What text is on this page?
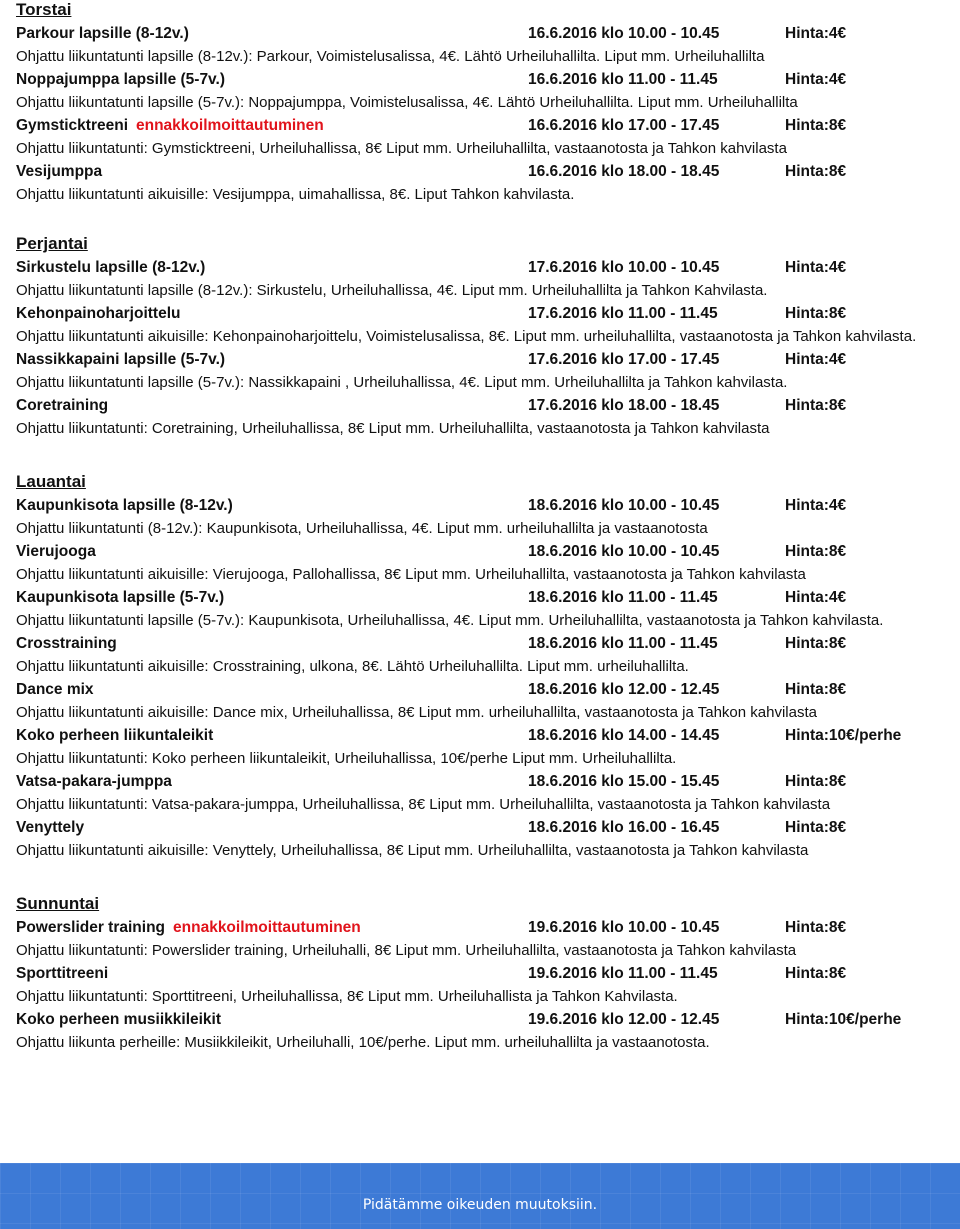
Torstai
Parkour lapsille (8-12v.)	16.6.2016 klo 10.00 - 10.45	Hinta:4€
Ohjattu liikuntatunti lapsille (8-12v.): Parkour, Voimistelusalissa, 4€. Lähtö Urheiluhallilta. Liput mm. Urheiluhallilta
Noppajumppa lapsille (5-7v.)	16.6.2016 klo 11.00 - 11.45	Hinta:4€
Ohjattu liikuntatunti lapsille (5-7v.): Noppajumppa, Voimistelusalissa, 4€. Lähtö Urheiluhallilta. Liput mm. Urheiluhallilta
Gymsticktreeni ennakkoilmoittautuminen	16.6.2016 klo 17.00 - 17.45	Hinta:8€
Ohjattu liikuntatunti: Gymsticktreeni, Urheiluhallissa, 8€ Liput mm. Urheiluhallilta, vastaanotosta ja Tahkon kahvilasta
Vesijumppa	16.6.2016 klo 18.00 - 18.45	Hinta:8€
Ohjattu liikuntatunti aikuisille: Vesijumppa, uimahallissa, 8€. Liput Tahkon kahvilasta.
Perjantai
Sirkustelu lapsille (8-12v.)	17.6.2016 klo 10.00 - 10.45	Hinta:4€
Ohjattu liikuntatunti lapsille (8-12v.): Sirkustelu, Urheiluhallissa, 4€. Liput mm. Urheiluhallilta ja Tahkon Kahvilasta.
Kehonpainoharjoittelu	17.6.2016 klo 11.00 - 11.45	Hinta:8€
Ohjattu liikuntatunti aikuisille: Kehonpainoharjoittelu, Voimistelusalissa, 8€. Liput mm. urheiluhallilta, vastaanotosta ja Tahkon kahvilasta.
Nassikkapaini lapsille (5-7v.)	17.6.2016 klo 17.00 - 17.45	Hinta:4€
Ohjattu liikuntatunti lapsille (5-7v.): Nassikkapaini , Urheiluhallissa, 4€. Liput mm. Urheiluhallilta ja Tahkon kahvilasta.
Coretraining	17.6.2016 klo 18.00 - 18.45	Hinta:8€
Ohjattu liikuntatunti: Coretraining, Urheiluhallissa, 8€ Liput mm. Urheiluhallilta, vastaanotosta ja Tahkon kahvilasta
Lauantai
Kaupunkisota lapsille (8-12v.)	18.6.2016 klo 10.00 - 10.45	Hinta:4€
Ohjattu liikuntatunti (8-12v.): Kaupunkisota, Urheiluhallissa, 4€. Liput mm. urheiluhallilta ja vastaanotosta
Vierujooga	18.6.2016 klo 10.00 - 10.45	Hinta:8€
Ohjattu liikuntatunti aikuisille: Vierujooga, Pallohallissa, 8€ Liput mm. Urheiluhallilta, vastaanotosta ja Tahkon kahvilasta
Kaupunkisota lapsille (5-7v.)	18.6.2016 klo 11.00 - 11.45	Hinta:4€
Ohjattu liikuntatunti lapsille (5-7v.): Kaupunkisota, Urheiluhallissa, 4€. Liput mm. Urheiluhallilta, vastaanotosta ja Tahkon kahvilasta.
Crosstraining	18.6.2016 klo 11.00 - 11.45	Hinta:8€
Ohjattu liikuntatunti aikuisille: Crosstraining, ulkona, 8€. Lähtö Urheiluhallilta. Liput mm. urheiluhallilta.
Dance mix	18.6.2016 klo 12.00 - 12.45	Hinta:8€
Ohjattu liikuntatunti aikuisille: Dance mix, Urheiluhallissa, 8€ Liput mm. urheiluhallilta, vastaanotosta ja Tahkon kahvilasta
Koko perheen liikuntaleikit	18.6.2016 klo 14.00 - 14.45	Hinta:10€/perhe
Ohjattu liikuntatunti: Koko perheen liikuntaleikit, Urheiluhallissa, 10€/perhe Liput mm. Urheiluhallilta.
Vatsa-pakara-jumppa	18.6.2016 klo 15.00 - 15.45	Hinta:8€
Ohjattu liikuntatunti: Vatsa-pakara-jumppa, Urheiluhallissa, 8€ Liput mm. Urheiluhallilta, vastaanotosta ja Tahkon kahvilasta
Venyttely	18.6.2016 klo 16.00 - 16.45	Hinta:8€
Ohjattu liikuntatunti aikuisille: Venyttely, Urheiluhallissa, 8€ Liput mm. Urheiluhallilta, vastaanotosta ja Tahkon kahvilasta
Sunnuntai
Powerslider training ennakkoilmoittautuminen	19.6.2016 klo 10.00 - 10.45	Hinta:8€
Ohjattu liikuntatunti: Powerslider training, Urheiluhalli, 8€ Liput mm. Urheiluhallilta, vastaanotosta ja Tahkon kahvilasta
Sporttitreeni	19.6.2016 klo 11.00 - 11.45	Hinta:8€
Ohjattu liikuntatunti: Sporttitreeni, Urheiluhallissa, 8€ Liput mm. Urheiluhallista ja Tahkon Kahvilasta.
Koko perheen musiikkileikit	19.6.2016 klo 12.00 - 12.45	Hinta:10€/perhe
Ohjattu liikunta perheille: Musiikkileikit, Urheiluhalli, 10€/perhe. Liput mm. urheiluhallilta ja vastaanotosta.
Pidätämme oikeuden muutoksiin.
